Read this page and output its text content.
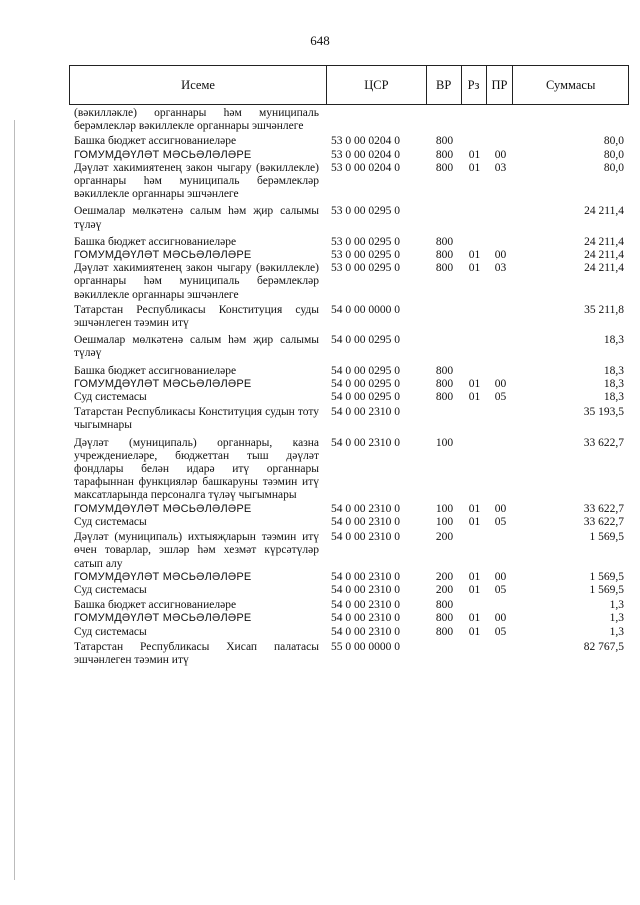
648
Исеме	ЦСР	ВР	Рз ПР	Суммасы
(вәкилләкле) органнары һәм муниципаль берәмлекләр вәкиллекле органнары эшчәнлеге
Башка бюджет ассигнованиеләре	53 0 00 0204 0	800	80,0
ГОМУМДӘҮЛӘТ МӘСЬӘЛӘЛӘРЕ	53 0 00 0204 0	800	01	00	80,0
Дәүләт хакимиятенең закон чыгару (вәкиллекле) органнары һәм муниципаль берәмлекләр вәкиллекле органнары эшчәнлеге
53 0 00 0204 0	800	01	03	80,0
Оешмалар мөлкәтенә салым һәм җир салымы түләү
53 0 00 0295 0	24 211,4
Башка бюджет ассигнованиеләре	53 0 00 0295 0	800	24 211,4
ГОМУМДӘҮЛӘТ МӘСЬӘЛӘЛӘРЕ	53 0 00 0295 0	800	01	00	24 211,4
Дәүләт хакимиятенең закон чыгару (вәкиллекле) органнары һәм муниципаль берәмлекләр вәкиллекле органнары эшчәнлеге
53 0 00 0295 0	800	01	03	24 211,4
Татарстан Республикасы Конституция суды эшчәнлеген тәэмин итү
54 0 00 0000 0	35 211,8
Оешмалар мөлкәтенә салым һәм җир салымы түләү
54 0 00 0295 0	18,3
Башка бюджет ассигнованиеләре	54 0 00 0295 0	800	18,3
ГОМУМДӘҮЛӘТ МӘСЬӘЛӘЛӘРЕ	54 0 00 0295 0	800	01	00	18,3
Суд системасы	54 0 00 0295 0	800	01	05	18,3
Татарстан Республикасы Конституция судын тоту чыгымнары
54 0 00 2310 0	35 193,5
Дәүләт (муниципаль) органнары, казна учреждениеләре, бюджеттан тыш дәүләт фондлары белән идарә итү органнары тарафыннан функцияләр башкаруны тәэмин итү максатларында персоналга түләү чыгымнары
54 0 00 2310 0	100	33 622,7
ГОМУМДӘҮЛӘТ МӘСЬӘЛӘЛӘРЕ	54 0 00 2310 0	100	01	00	33 622,7
Суд системасы	54 0 00 2310 0	100	01	05	33 622,7
Дәүләт (муниципаль) ихтыяҗларын тәэмин итү өчен товарлар, эшләр һәм хезмәт күрсәтүләр сатып алу
54 0 00 2310 0	200	1 569,5
ГОМУМДӘҮЛӘТ МӘСЬӘЛӘЛӘРЕ	54 0 00 2310 0	200	01	00	1 569,5
Суд системасы	54 0 00 2310 0	200	01	05	1 569,5
Башка бюджет ассигнованиеләре	54 0 00 2310 0	800	1,3
ГОМУМДӘҮЛӘТ МӘСЬӘЛӘЛӘРЕ	54 0 00 2310 0	800	01	00	1,3
Суд системасы	54 0 00 2310 0	800	01	05	1,3
Татарстан Республикасы Хисап палатасы эшчәнлеген тәэмин итү
55 0 00 0000 0	82 767,5
